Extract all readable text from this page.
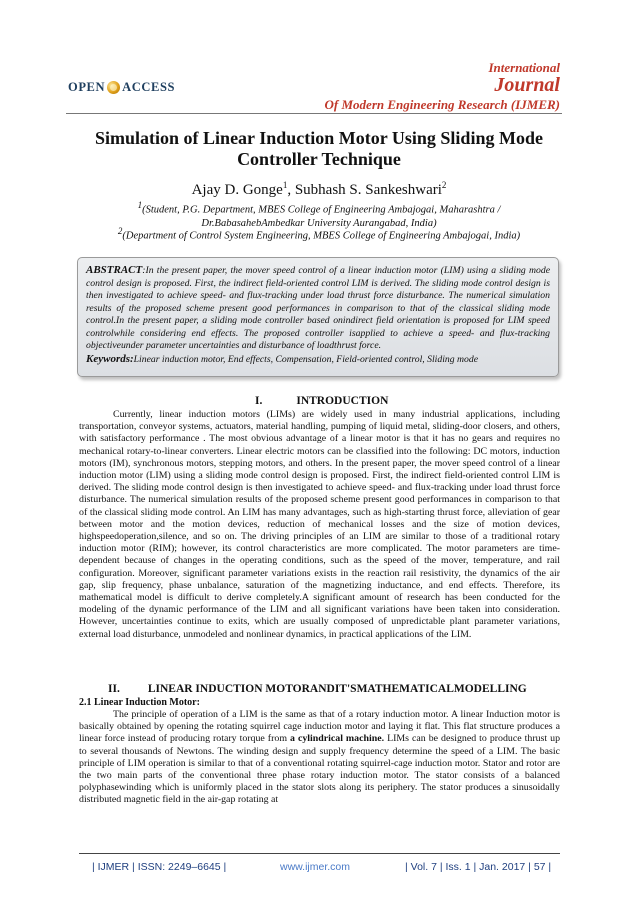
OPEN ACCESS
International
Journal
Of Modern Engineering Research (IJMER)
Simulation of Linear Induction Motor Using Sliding Mode
Controller Technique
Ajay D. Gonge$^1$, Subhash S. Sankeshwari$^2$
$^1$(Student, P.G. Department, MBES College of Engineering Ambajogai, Maharashtra /
Dr.BabasahebAmbedkar University Aurangabad, India)
$^2$(Department of Control System Engineering, MBES College of Engineering Ambajogai, India)
ABSTRACT:In the present paper, the mover speed control of a linear induction motor (LIM) using a sliding mode control design is proposed. First, the indirect field-oriented control LIM is derived. The sliding mode control design is then investigated to achieve speed- and flux-tracking under load thrust force disturbance. The numerical simulation results of the proposed scheme present good performances in comparison to that of the classical sliding mode control.In the present paper, a sliding mode controller based onindirect field orientation is proposed for LIM speed controlwhile considering end effects. The proposed controller isapplied to achieve a speed- and flux-tracking objectiveunder parameter uncertainties and disturbance of loadthrust force.
Keywords:Linear induction motor, End effects, Compensation, Field-oriented control, Sliding mode
I.	INTRODUCTION

Currently, linear induction motors (LIMs) are widely used in many industrial applications, including transportation, conveyor systems, actuators, material handling, pumping of liquid metal, sliding-door closers, and others, with satisfactory performance . The most obvious advantage of a linear motor is that it has no gears and requires no mechanical rotary-to-linear converters. Linear electric motors can be classified into the following: DC motors, induction motors (IM), synchronous motors, stepping motors, and others. In the present paper, the mover speed control of a linear induction motor (LIM) using a sliding mode control design is proposed. First, the indirect field-oriented control LIM is derived. The sliding mode control design is then investigated to achieve speed- and flux-tracking under load thrust force disturbance. The numerical simulation results of the proposed scheme present good performances in comparison to that of the classical sliding mode control. An LIM has many advantages, such as high-starting thrust force, alleviation of gear between motor and the motion devices, reduction of mechanical losses and the size of motion devices, highspeedoperation,silence, and so on. The driving principles of an LIM are similar to those of a traditional rotary induction motor (RIM); however, its control characteristics are more complicated. The motor parameters are time-dependent because of changes in the operating conditions, such as the speed of the mover, temperature, and rail configuration. Moreover, significant parameter variations exists in the reaction rail resistivity, the dynamics of the air gap, slip frequency, phase unbalance, saturation of the magnetizing inductance, and end effects. Therefore, its mathematical model is difficult to derive completely.A significant amount of research has been conducted for the modeling of the dynamic performance of the LIM and all significant variations have been taken into consideration. However, uncertainties continue to exits, which are usually composed of unpredictable plant parameter variations, external load disturbance, unmodeled and nonlinear dynamics, in practical applications of the LIM.

II. LINEAR INDUCTION MOTORANDIT'SMATHEMATICALMODELLING
2.1 Linear Induction Motor:

The principle of operation of a LIM is the same as that of a rotary induction motor. A linear Induction motor is basically obtained by opening the rotating squirrel cage induction motor and laying it flat. This flat structure produces a linear force instead of producing rotary torque from a cylindrical machine. LIMs can be designed to produce thrust up to several thousands of Newtons. The winding design and supply frequency determine the speed of a LIM. The basic principle of LIM operation is similar to that of a conventional rotating squirrel-cage induction motor. Stator and rotor are the two main parts of the conventional three phase rotary induction motor. The stator consists of a balanced polyphasewinding which is uniformly placed in the stator slots along its periphery. The stator produces a sinusoidally distributed magnetic field in the air-gap rotating at

| IJMER | ISSN: 2249–6645 |	www.ijmer.com	| Vol. 7 | Iss. 1 | Jan. 2017 | 57 |
